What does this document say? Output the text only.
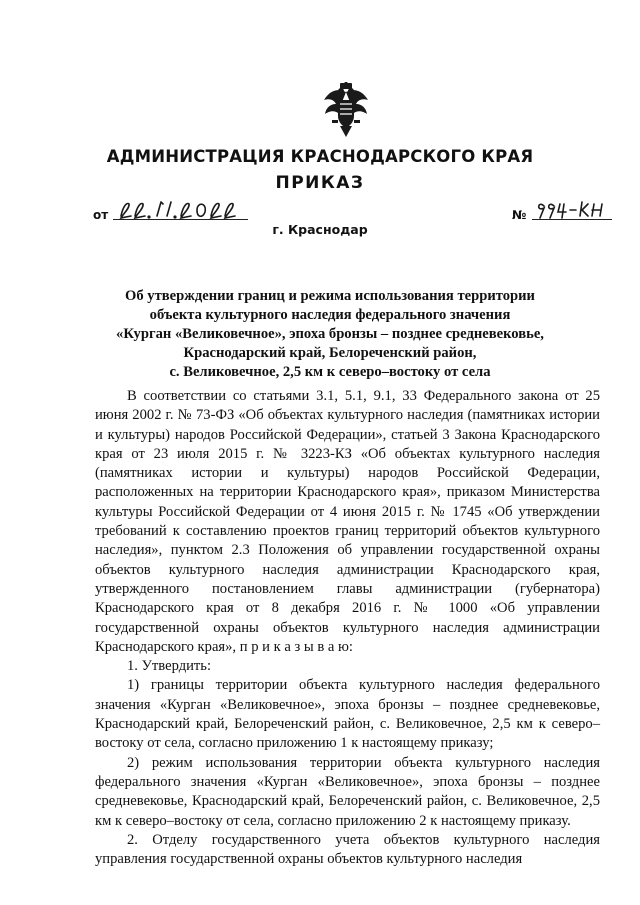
АДМИНИСТРАЦИЯ КРАСНОДАРСКОГО КРАЯ
ПРИКАЗ
от
г. Краснодар
№
Об утверждении границ и режима использования территории
объекта культурного наследия федерального значения
«Курган «Великовечное», эпоха бронзы – позднее средневековье,
Краснодарский край, Белореченский район,
с. Великовечное, 2,5 км к северо–востоку от села

В соответствии со статьями 3.1, 5.1, 9.1, 33 Федерального закона от 25 июня 2002 г. № 73-ФЗ «Об объектах культурного наследия (памятниках истории и культуры) народов Российской Федерации», статьей 3 Закона Краснодарского края от 23 июля 2015 г. № 3223-КЗ «Об объектах культурного наследия (памятниках истории и культуры) народов Российской Федерации, расположенных на территории Краснодарского края», приказом Министерства культуры Российской Федерации от 4 июня 2015 г. № 1745 «Об утверждении требований к составлению проектов границ территорий объектов культурного наследия», пунктом 2.3 Положения об управлении государственной охраны объектов культурного наследия администрации Краснодарского края, утвержденного постановлением главы администрации (губернатора) Краснодарского края от 8 декабря 2016 г. № 1000 «Об управлении государственной охраны объектов культурного наследия администрации Краснодарского края», п р и к а з ы в а ю:

1. Утвердить:

1) границы территории объекта культурного наследия федерального значения «Курган «Великовечное», эпоха бронзы – позднее средневековье, Краснодарский край, Белореченский район, с. Великовечное, 2,5 км к северо–востоку от села, согласно приложению 1 к настоящему приказу;

2) режим использования территории объекта культурного наследия федерального значения «Курган «Великовечное», эпоха бронзы – позднее средневековье, Краснодарский край, Белореченский район, с. Великовечное, 2,5 км к северо–востоку от села, согласно приложению 2 к настоящему приказу.

2. Отделу государственного учета объектов культурного наследия управления государственной охраны объектов культурного наследия
